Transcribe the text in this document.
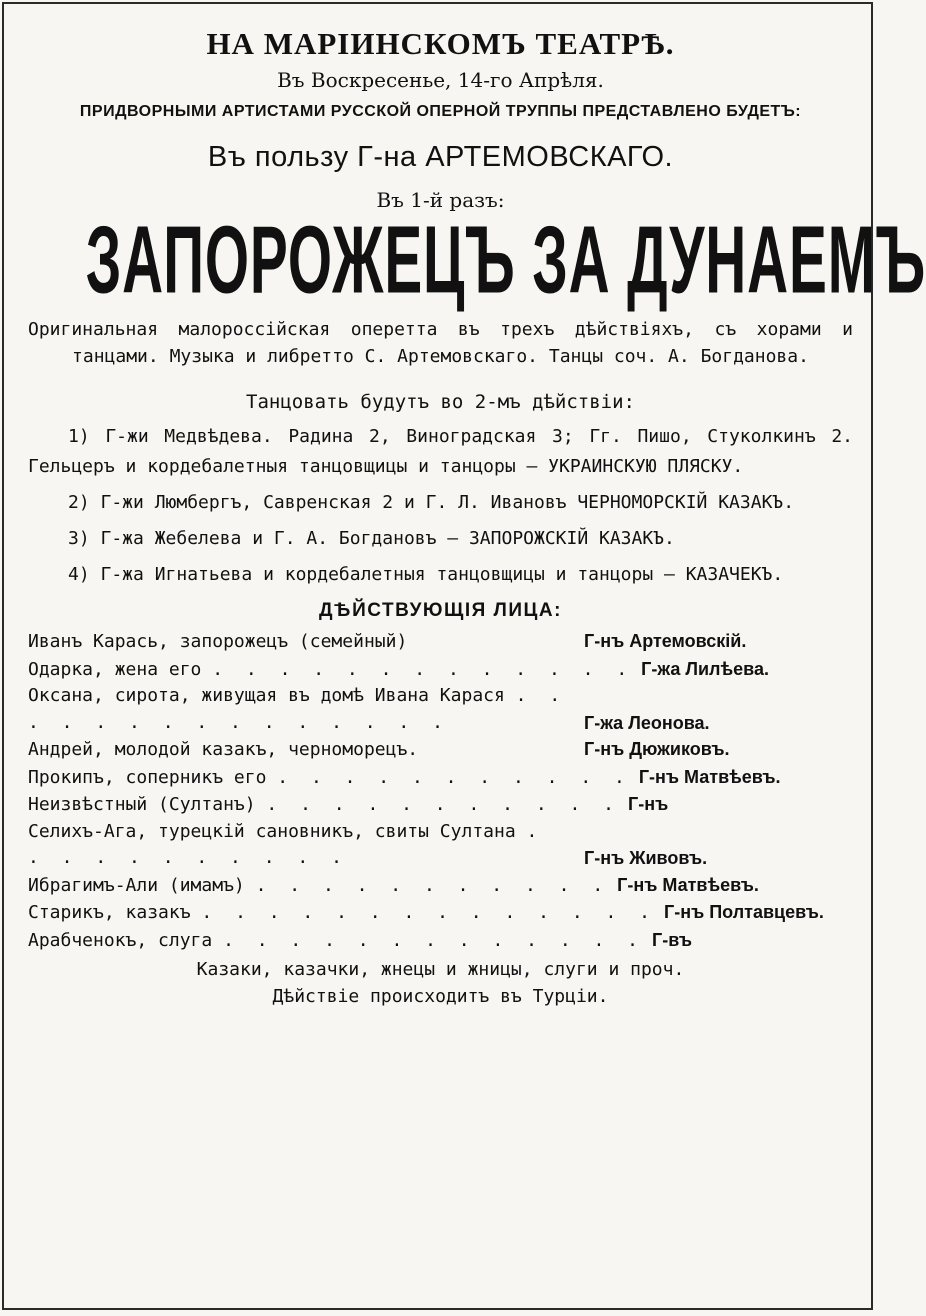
НА МАРІИНСКОМЪ ТЕАТРѢ.
Въ Воскресенье, 14-го Апрѣля.
ПРИДВОРНЫМИ АРТИСТАМИ РУССКОЙ ОПЕРНОЙ ТРУППЫ ПРЕДСТАВЛЕНО БУДЕТЪ:
Въ пользу Г-на АРТЕМОВСКАГО.
Въ 1-й разъ:
ЗАПОРОЖЕЦЪ ЗА ДУНАЕМЪ
Оригинальная малороссійская оперетта въ трехъ дѣйствіяхъ, съ хорами и танцами. Музыка и либретто С. Артемовскаго. Танцы соч. А. Богданова.
Танцовать будутъ во 2-мъ дѣйствіи:
1) Г-жи Медвѣдева. Радина 2, Виноградская 3; Гг. Пишо, Стуколкинъ 2. Гельцеръ и кордебалетныя танцовщицы и танцоры — УКРАИНСКУЮ ПЛЯСКУ.
2) Г-жи Люмбергъ, Савренская 2 и Г. Л. Ивановъ ЧЕРНОМОРСКІЙ КАЗАКЪ.
3) Г-жа Жебелева и Г. А. Богдановъ — ЗАПОРОЖСКІЙ КАЗАКЪ.
4) Г-жа Игнатьева и кордебалетныя танцовщицы и танцоры — КАЗАЧЕКЪ.
ДѢЙСТВУЮЩІЯ ЛИЦА:
Иванъ Карась, запорожецъ (семейный)	Г-нъ Артемовскій.
Одарка, жена его . . . . . . . . . . . . . Г-жа Лилѣева.
Оксана, сирота, живущая въ домѣ Ивана Карася . . . . . . . . . . . . . . .	Г-жа Леонова.
Андрей, молодой казакъ, черноморецъ.	Г-нъ Дюжиковъ.
Прокипъ, соперникъ его . . . . . . . . . . . Г-нъ Матвѣевъ.
Неизвѣстный (Султанъ) . . . . . . . . . . . Г-нъ
Селихъ-Ага, турецкій сановникъ, свиты Султана . . . . . . . . . . .	Г-нъ Живовъ.
Ибрагимъ-Али (имамъ) . . . . . . . . . . . Г-нъ Матвѣевъ.
Старикъ, казакъ . . . . . . . . . . . . . . Г-нъ Полтавцевъ.
Арабченокъ, слуга . . . . . . . . . . . . . Г-въ
Казаки, казачки, жнецы и жницы, слуги и проч.
Дѣйствіе происходитъ въ Турціи.
